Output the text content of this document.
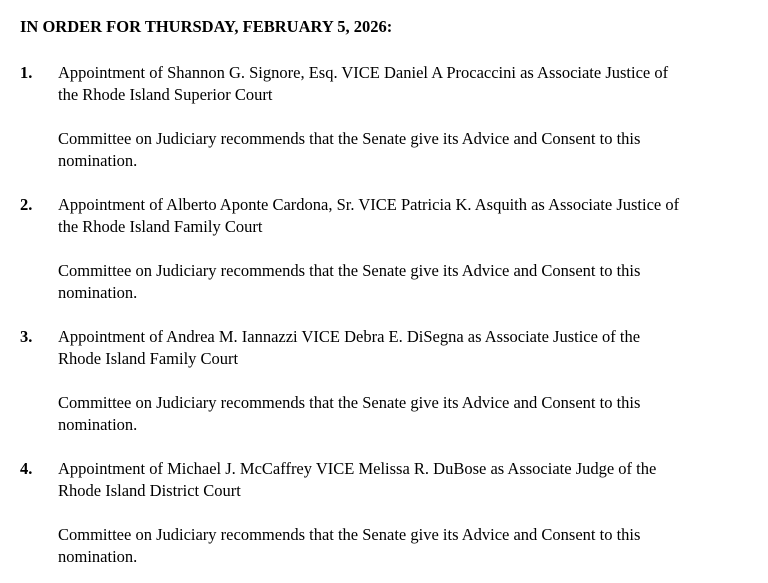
IN ORDER FOR THURSDAY, FEBRUARY 5, 2026:
1. Appointment of Shannon G. Signore, Esq. VICE Daniel A Procaccini as Associate Justice of
the Rhode Island Superior Court

Committee on Judiciary recommends that the Senate give its Advice and Consent to this
nomination.

2. Appointment of Alberto Aponte Cardona, Sr. VICE Patricia K. Asquith as Associate Justice of
the Rhode Island Family Court

Committee on Judiciary recommends that the Senate give its Advice and Consent to this
nomination.

3. Appointment of Andrea M. Iannazzi VICE Debra E. DiSegna as Associate Justice of the
Rhode Island Family Court

Committee on Judiciary recommends that the Senate give its Advice and Consent to this
nomination.

4. Appointment of Michael J. McCaffrey VICE Melissa R. DuBose as Associate Judge of the
Rhode Island District Court

Committee on Judiciary recommends that the Senate give its Advice and Consent to this
nomination.
